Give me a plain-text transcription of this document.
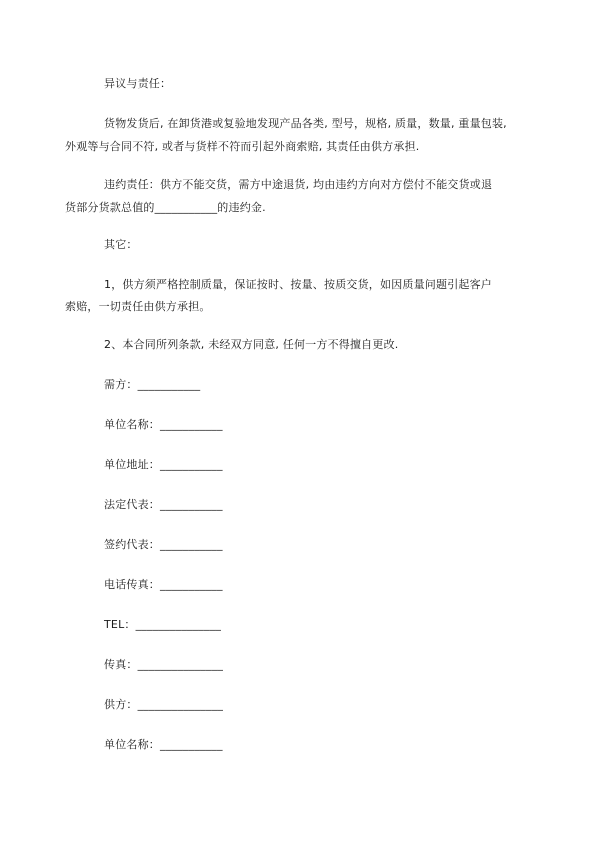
异议与责任：
货物发货后, 在卸货港或复验地发现产品各类, 型号，规格, 质量，数量, 重量包装,
外观等与合同不符, 或者与货样不符而引起外商索赔, 其责任由供方承担.
违约责任：供方不能交货，需方中途退货, 均由违约方向对方偿付不能交货或退
货部分货款总值的___________的违约金.
其它：
1，供方须严格控制质量，保证按时、按量、按质交货，如因质量问题引起客户
索赔，一切责任由供方承担。
2、本合同所列条款, 未经双方同意, 任何一方不得擅自更改.
需方：___________
单位名称：___________
单位地址：___________
法定代表：___________
签约代表：___________
电话传真：___________
TEL：_______________
传真：_______________
供方：_______________
单位名称：___________
